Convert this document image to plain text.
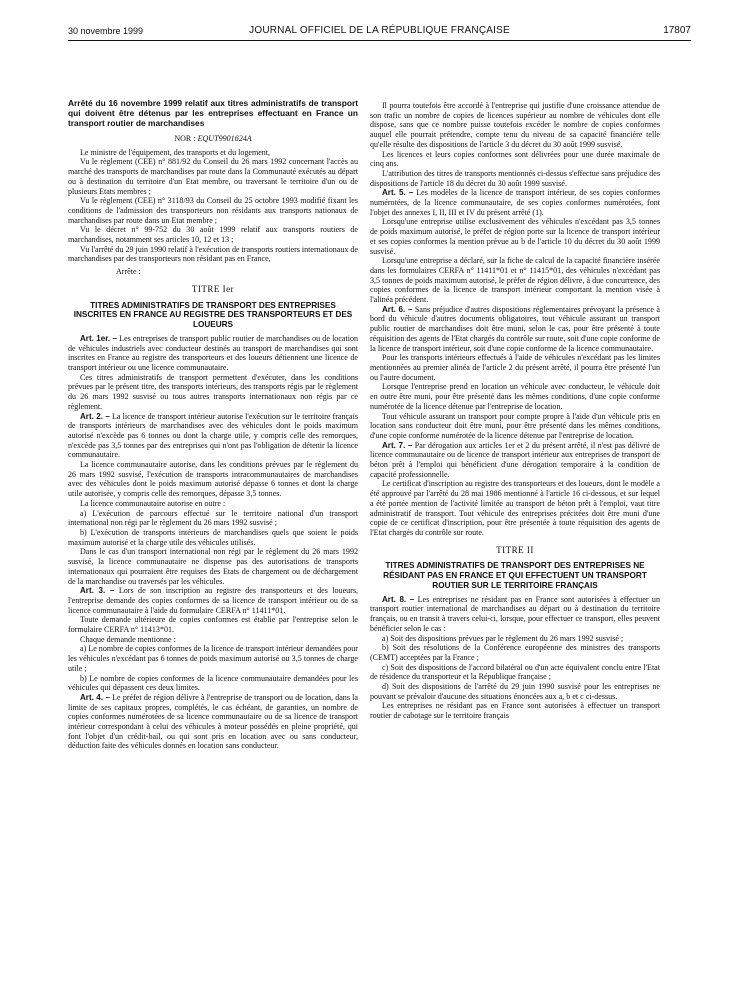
30 novembre 1999	JOURNAL OFFICIEL DE LA RÉPUBLIQUE FRANÇAISE	17807

Arrêté du 16 novembre 1999 relatif aux titres administratifs de transport qui doivent être détenus par les entreprises effectuant en France un transport routier de marchandises

NOR : EQUT9901624A

Le ministre de l'équipement, des transports et du logement,

Vu le règlement (CEE) n° 881/92 du Conseil du 26 mars 1992 concernant l'accès au marché des transports de marchandises par route dans la Communauté exécutés au départ ou à destination du territoire d'un Etat membre, ou traversant le territoire d'un ou de plusieurs Etats membres ;

Vu le règlement (CEE) n° 3118/93 du Conseil du 25 octobre 1993 modifié fixant les conditions de l'admission des transporteurs non résidants aux transports nationaux de marchandises par route dans un Etat membre ;

Vu le décret n° 99-752 du 30 août 1999 relatif aux transports routiers de marchandises, notamment ses articles 10, 12 et 13 ;

Vu l'arrêté du 29 juin 1990 relatif à l'exécution de transports routiers internationaux de marchandises par des transporteurs non résidant pas en France,

Arrête :

TITRE Ier

TITRES ADMINISTRATIFS DE TRANSPORT DES ENTREPRISES INSCRITES EN FRANCE AU REGISTRE DES TRANSPORTEURS ET DES LOUEURS

Art. 1er. – Les entreprises de transport public routier de marchandises ou de location de véhicules industriels avec conducteur destinés au transport de marchandises qui sont inscrites en France au registre des transporteurs et des loueurs détiennent une licence de transport intérieur ou une licence communautaire.

Ces titres administratifs de transport permettent d'exécuter, dans les conditions prévues par le présent titre, des transports intérieurs, des transports régis par le règlement du 26 mars 1992 susvisé ou tous autres transports internationaux non régis par ce règlement.

Art. 2. – La licence de transport intérieur autorise l'exécution sur le territoire français de transports intérieurs de marchandises avec des véhicules dont le poids maximum autorisé n'excède pas 6 tonnes ou dont la charge utile, y compris celle des remorques, n'excède pas 3,5 tonnes par des entreprises qui n'ont pas l'obligation de détenir la licence communautaire.

La licence communautaire autorise, dans les conditions prévues par le règlement du 26 mars 1992 susvisé, l'exécution de transports intracommunautaires de marchandises avec des véhicules dont le poids maximum autorisé dépasse 6 tonnes et dont la charge utile autorisée, y compris celle des remorques, dépasse 3,5 tonnes.

La licence communautaire autorise en outre :

a) L'exécution de parcours effectué sur le territoire national d'un transport international non régi par le règlement du 26 mars 1992 susvisé ;

b) L'exécution de transports intérieurs de marchandises quels que soient le poids maximum autorisé et la charge utile des véhicules utilisés.

Dans le cas d'un transport international non régi par le règlement du 26 mars 1992 susvisé, la licence communautaire ne dispense pas des autorisations de transports internationaux qui pourraient être requises des Etats de chargement ou de déchargement de la marchandise ou traversés par les véhicules.

Art. 3. – Lors de son inscription au registre des transporteurs et des loueurs, l'entreprise demande des copies conformes de sa licence de transport intérieur ou de sa licence communautaire à l'aide du formulaire CERFA n° 11411*01.

Toute demande ultérieure de copies conformes est établie par l'entreprise selon le formulaire CERFA n° 11413*01.

Chaque demande mentionne :

a) Le nombre de copies conformes de la licence de transport intérieur demandées pour les véhicules n'excédant pas 6 tonnes de poids maximum autorisé ou 3,5 tonnes de charge utile ;

b) Le nombre de copies conformes de la licence communautaire demandées pour les véhicules qui dépassent ces deux limites.

Art. 4. – Le préfet de région délivre à l'entreprise de transport ou de location, dans la limite de ses capitaux propres, complétés, le cas échéant, de garanties, un nombre de copies conformes numérotées de sa licence communautaire ou de sa licence de transport intérieur correspondant à celui des véhicules à moteur possédés en pleine propriété, qui font l'objet d'un crédit-bail, ou qui sont pris en location avec ou sans conducteur, déduction faite des véhicules donnés en location sans conducteur.

Il pourra toutefois être accordé à l'entreprise qui justifie d'une croissance attendue de son trafic un nombre de copies de licences supérieur au nombre de véhicules dont elle dispose, sans que ce nombre puisse toutefois excéder le nombre de copies conformes auquel elle pourrait prétendre, compte tenu du niveau de sa capacité financière telle qu'elle résulte des dispositions de l'article 3 du décret du 30 août 1999 susvisé.

Les licences et leurs copies conformes sont délivrées pour une durée maximale de cinq ans.

L'attribution des titres de transports mentionnés ci-dessus s'effectue sans préjudice des dispositions de l'article 18 du décret du 30 août 1999 susvisé.

Art. 5. – Les modèles de la licence de transport intérieur, de ses copies conformes numérotées, de la licence communautaire, de ses copies conformes numérotées, font l'objet des annexes I, II, III et IV du présent arrêté (1).

Lorsqu'une entreprise utilise exclusivement des véhicules n'excédant pas 3,5 tonnes de poids maximum autorisé, le préfet de région porte sur la licence de transport intérieur et ses copies conformes la mention prévue au b de l'article 10 du décret du 30 août 1999 susvisé.

Lorsqu'une entreprise a déclaré, sur la fiche de calcul de la capacité financière insérée dans les formulaires CERFA n° 11411*01 et n° 11415*01, des véhicules n'excédant pas 3,5 tonnes de poids maximum autorisé, le préfet de région délivre, à due concurrence, des copies conformes de la licence de transport intérieur comportant la mention visée à l'alinéa précédent.

Art. 6. – Sans préjudice d'autres dispositions réglementaires prévoyant la présence à bord du véhicule d'autres documents obligatoires, tout véhicule assurant un transport public routier de marchandises doit être muni, selon le cas, pour être présenté à toute réquisition des agents de l'Etat chargés du contrôle sur route, soit d'une copie conforme de la licence de transport intérieur, soit d'une copie conforme de la licence communautaire.

Pour les transports intérieurs effectués à l'aide de véhicules n'excédant pas les limites mentionnées au premier alinéa de l'article 2 du présent arrêté, il pourra être présenté l'un ou l'autre document.

Lorsque l'entreprise prend en location un véhicule avec conducteur, le véhicule doit en outre être muni, pour être présenté dans les mêmes conditions, d'une copie conforme numérotée de la licence détenue par l'entreprise de location.

Tout véhicule assurant un transport pour compte propre à l'aide d'un véhicule pris en location sans conducteur doit être muni, pour être présenté dans les mêmes conditions, d'une copie conforme numérotée de la licence détenue par l'entreprise de location.

Art. 7. – Par dérogation aux articles 1er et 2 du présent arrêté, il n'est pas délivré de licence communautaire ou de licence de transport intérieur aux entreprises de transport de béton prêt à l'emploi qui bénéficient d'une dérogation temporaire à la condition de capacité professionnelle.

Le certificat d'inscription au registre des transporteurs et des loueurs, dont le modèle a été approuvé par l'arrêté du 28 mai 1986 mentionné à l'article 16 ci-dessous, et sur lequel a été portée mention de l'activité limitée au transport de béton prêt à l'emploi, vaut titre administratif de transport. Tout véhicule des entreprises précitées doit être muni d'une copie de ce certificat d'inscription, pour être présentée à toute réquisition des agents de l'Etat chargés du contrôle sur route.

TITRE II

TITRES ADMINISTRATIFS DE TRANSPORT DES ENTREPRISES NE RÉSIDANT PAS EN FRANCE ET QUI EFFECTUENT UN TRANSPORT ROUTIER SUR LE TERRITOIRE FRANÇAIS

Art. 8. – Les entreprises ne résidant pas en France sont autorisées à effectuer un transport routier international de marchandises au départ ou à destination du territoire français, ou en transit à travers celui-ci, lorsque, pour effectuer ce transport, elles peuvent bénéficier selon le cas :

a) Soit des dispositions prévues par le règlement du 26 mars 1992 susvisé ;

b) Soit des résolutions de la Conférence européenne des ministres des transports (CEMT) acceptées par la France ;

c) Soit des dispositions de l'accord bilatéral ou d'un acte équivalent conclu entre l'Etat de résidence du transporteur et la République française ;

d) Soit des dispositions de l'arrêté du 29 juin 1990 susvisé pour les entreprises ne pouvant se prévaloir d'aucune des situations énoncées aux a, b et c ci-dessus.

Les entreprises ne résidant pas en France sont autorisées à effectuer un transport routier de cabotage sur le territoire français
